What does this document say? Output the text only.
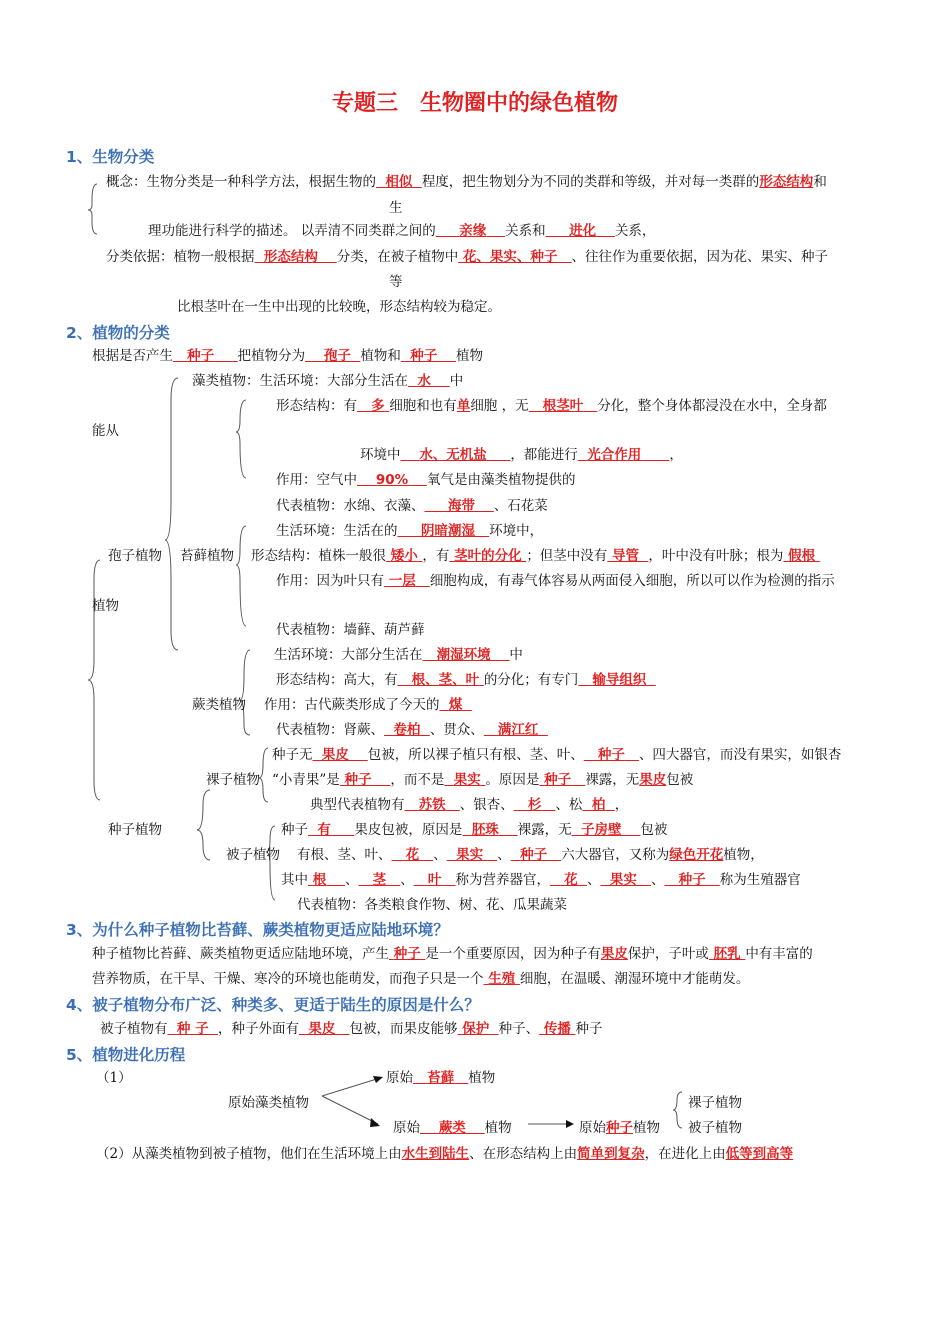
专题三　生物圈中的绿色植物
1、生物分类
概念：生物分类是一种科学方法，根据生物的 相似 程度，把生物划分为不同的类群和等级，并对每一类群的形态结构和
生
理功能进行科学的描述。 以弄清不同类群之间的 亲缘 关系和 进化 关系，
分类依据：植物一般根据 形态结构 分类，在被子植物中 花、果实、种子 、往往作为重要依据，因为花、果实、种子
等
比根茎叶在一生中出现的比较晚，形态结构较为稳定。
2、植物的分类
根据是否产生 种子 把植物分为 孢子 植物和 种子 植物
藻类植物：生活环境：大部分生活在 水 中
形态结构：有 多 细胞和也有单细胞 ，无 根茎叶 分化，整个身体都浸没在水中，全身都
能从
环境中 水、无机盐 ，都能进行 光合作用 ，
作用：空气中 90% 氧气是由藻类植物提供的
代表植物：水绵、衣藻、 海带 、石花菜
生活环境：生活在的 阴暗潮湿 环境中，
孢子植物 苔藓植物 形态结构：植株一般很 矮小 ，有 茎叶的分化 ；但茎中没有 导管 ，叶中没有叶脉；根为 假根
作用：因为叶只有 一层 细胞构成，有毒气体容易从两面侵入细胞，所以可以作为检测的指示
植物
代表植物：墙藓、葫芦藓
生活环境：大部分生活在 潮湿环境 中
形态结构：高大，有 根、茎、叶 的分化；有专门 输导组织
蕨类植物 作用：古代蕨类形成了今天的 煤
代表植物：肾蕨、 卷柏 、贯众、 满江红
种子无 果皮 包被，所以裸子植只有根、茎、叶、 种子 、四大器官，而没有果实，如银杏
裸子植物 “小青果”是 种子 ，而不是 果实 。原因是 种子 裸露，无果皮包被
典型代表植物有 苏铁 、银杏、 杉 、松 柏 ，
种子植物	种子 有 果皮包被，原因是 胚珠 裸露，无 子房壁 包被
被子植物 有根、茎、叶、 花 、 果实 、 种子 六大器官，又称为绿色开花植物，
其中 根 、 茎 、 叶 称为营养器官， 花 、 果实 、 种子 称为生殖器官
代表植物：各类粮食作物、树、花、瓜果蔬菜
3、为什么种子植物比苔藓、蕨类植物更适应陆地环境？
种子植物比苔藓、蕨类植物更适应陆地环境，产生 种子 是一个重要原因，因为种子有果皮保护，子叶或 胚乳 中有丰富的
营养物质，在干旱、干燥、寒冷的环境也能萌发，而孢子只是一个 生殖 细胞，在温暖、潮湿环境中才能萌发。
4、被子植物分布广泛、种类多、更适于陆生的原因是什么？
被子植物有 种 子 ，种子外面有 果皮 包被，而果皮能够 保护 种子、 传播 种子
5、植物进化历程
（1）	原始 苔藓 植物
原始藻类植物	裸子植物
原始 蕨类 植物	原始种子植物 被子植物
（2）从藻类植物到被子植物，他们在生活环境上由水生到陆生、在形态结构上由简单到复杂，在进化上由低等到高等
